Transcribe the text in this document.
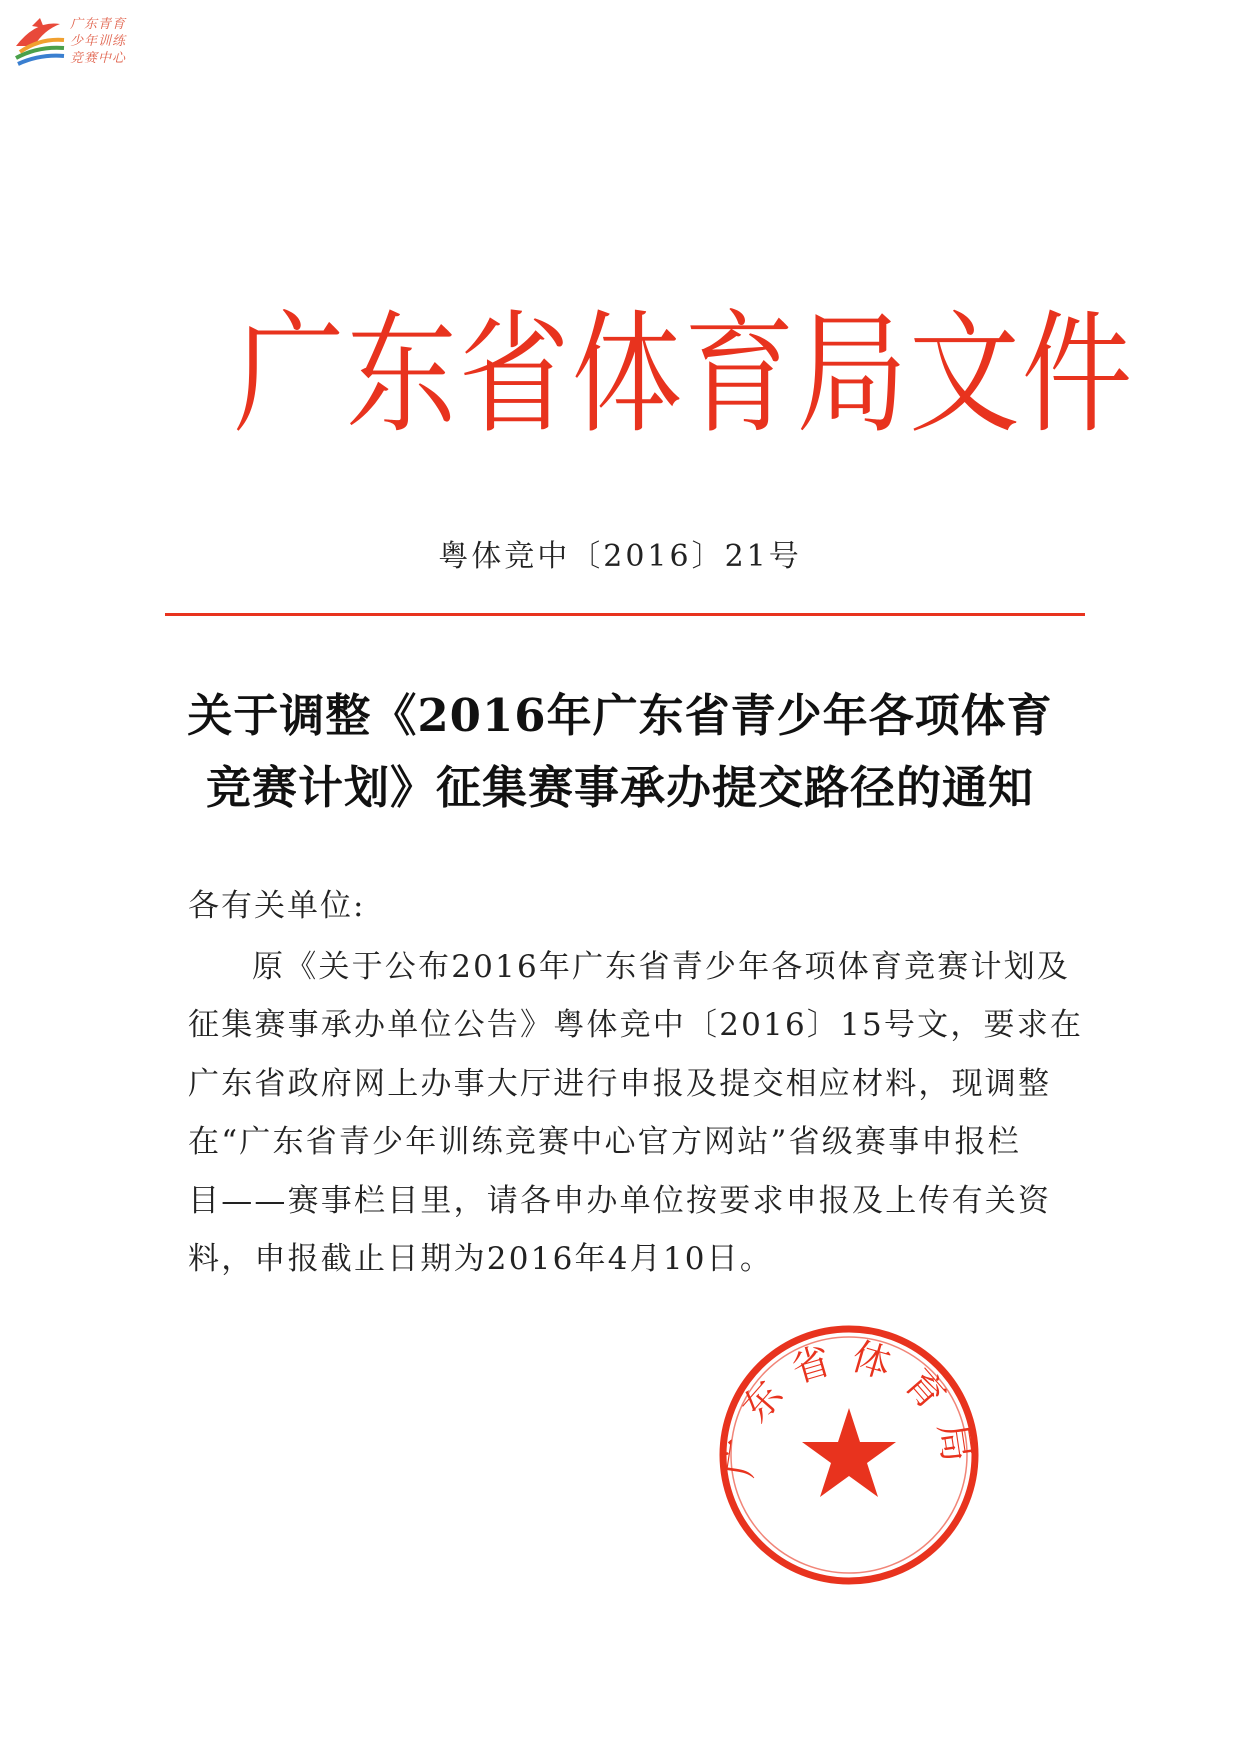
广东青育
少年训练
竞赛中心
广东省体育局文件
粤体竞中〔2016〕21号
关于调整《2016年广东省青少年各项体育
竞赛计划》征集赛事承办提交路径的通知
各有关单位:
原《关于公布2016年广东省青少年各项体育竞赛计划及
征集赛事承办单位公告》粤体竞中〔2016〕15号文，要求在
广东省政府网上办事大厅进行申报及提交相应材料，现调整
在“广东省青少年训练竞赛中心官方网站”省级赛事申报栏
目——赛事栏目里，请各申办单位按要求申报及上传有关资
料，申报截止日期为2016年4月10日。
广东省体育局
